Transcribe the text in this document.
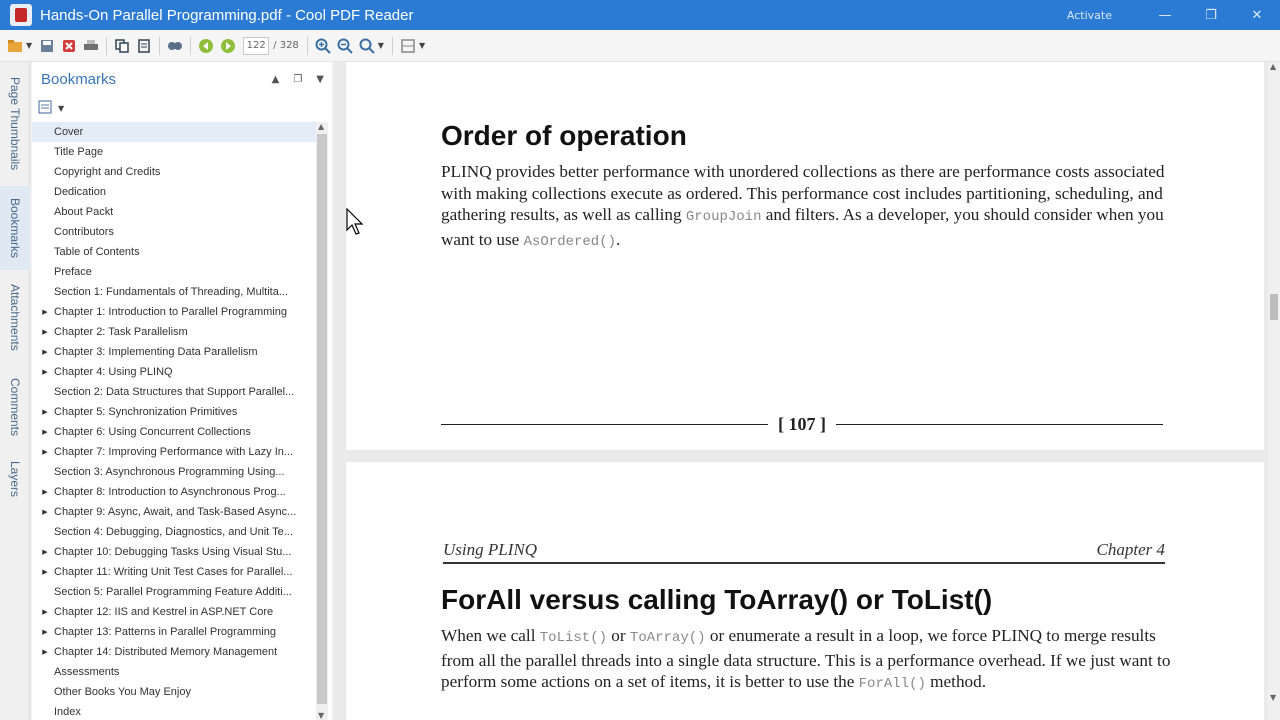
Hands-On Parallel Programming.pdf - Cool PDF Reader	Activate	—	❐	✕
▼	122 / 328	▼	▼
Page Thumbnails
Bookmarks
Attachments
Comments
Layers
Bookmarks	▲ ❐ ▼
▼
Cover
Title Page
Copyright and Credits
Dedication
About Packt
Contributors
Table of Contents
Preface
Section 1: Fundamentals of Threading, Multita...
▶ Chapter 1: Introduction to Parallel Programming
▶ Chapter 2: Task Parallelism
▶ Chapter 3: Implementing Data Parallelism
▶ Chapter 4: Using PLINQ
Section 2: Data Structures that Support Parallel...
▶ Chapter 5: Synchronization Primitives
▶ Chapter 6: Using Concurrent Collections
▶ Chapter 7: Improving Performance with Lazy In...
Section 3: Asynchronous Programming Using...
▶ Chapter 8: Introduction to Asynchronous Prog...
▶ Chapter 9: Async, Await, and Task-Based Async...
Section 4: Debugging, Diagnostics, and Unit Te...
▶ Chapter 10: Debugging Tasks Using Visual Stu...
▶ Chapter 11: Writing Unit Test Cases for Parallel...
Section 5: Parallel Programming Feature Additi...
▶ Chapter 12: IIS and Kestrel in ASP.NET Core
▶ Chapter 13: Patterns in Parallel Programming
▶ Chapter 14: Distributed Memory Management
Assessments
Other Books You May Enjoy
Index
▲
▼
Order of operation
PLINQ provides better performance with unordered collections as there are performance costs associated with making collections execute as ordered. This performance cost includes partitioning, scheduling, and gathering results, as well as calling GroupJoin and filters. As a developer, you should consider when you want to use AsOrdered().
[ 107 ]
Using PLINQ	Chapter 4
ForAll versus calling ToArray() or ToList()
When we call ToList() or ToArray() or enumerate a result in a loop, we force PLINQ to merge results from all the parallel threads into a single data structure. This is a performance overhead. If we just want to perform some actions on a set of items, it is better to use the ForAll() method.
▲
▼
